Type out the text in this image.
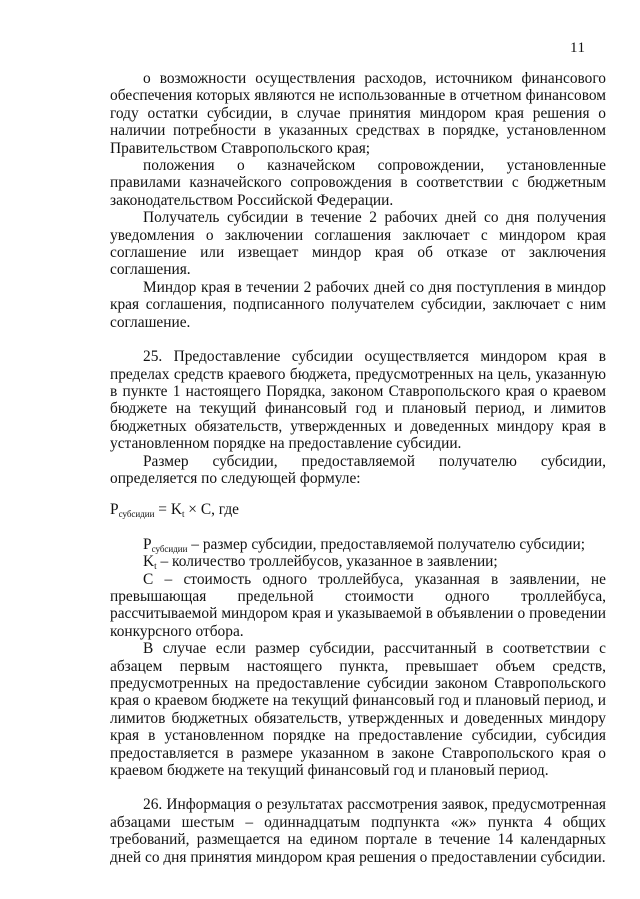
11

о возможности осуществления расходов, источником финансового обеспечения которых являются не использованные в отчетном финансовом году остатки субсидии, в случае принятия миндором края решения о наличии потребности в указанных средствах в порядке, установленном Правительством Ставропольского края;

положения о казначейском сопровождении, установленные правилами казначейского сопровождения в соответствии с бюджетным законодательством Российской Федерации.

Получатель субсидии в течение 2 рабочих дней со дня получения уведомления о заключении соглашения заключает с миндором края соглашение или извещает миндор края об отказе от заключения соглашения.

Миндор края в течении 2 рабочих дней со дня поступления в миндор края соглашения, подписанного получателем субсидии, заключает с ним соглашение.

25. Предоставление субсидии осуществляется миндором края в пределах средств краевого бюджета, предусмотренных на цель, указанную в пункте 1 настоящего Порядка, законом Ставропольского края о краевом бюджете на текущий финансовый год и плановый период, и лимитов бюджетных обязательств, утвержденных и доведенных миндору края в установленном порядке на предоставление субсидии.

Размер субсидии, предоставляемой получателю субсидии, определяется по следующей формуле:

$P_{субсидии} = K_t \times C$, где

$P_{субсидии}$ – размер субсидии, предоставляемой получателю субсидии;

$K_t$ – количество троллейбусов, указанное в заявлении;

С – стоимость одного троллейбуса, указанная в заявлении, не превышающая предельной стоимости одного троллейбуса, рассчитываемой миндором края и указываемой в объявлении о проведении конкурсного отбора.

В случае если размер субсидии, рассчитанный в соответствии с абзацем первым настоящего пункта, превышает объем средств, предусмотренных на предоставление субсидии законом Ставропольского края о краевом бюджете на текущий финансовый год и плановый период, и лимитов бюджетных обязательств, утвержденных и доведенных миндору края в установленном порядке на предоставление субсидии, субсидия предоставляется в размере указанном в законе Ставропольского края о краевом бюджете на текущий финансовый год и плановый период.

26. Информация о результатах рассмотрения заявок, предусмотренная абзацами шестым – одиннадцатым подпункта «ж» пункта 4 общих требований, размещается на едином портале в течение 14 календарных дней со дня принятия миндором края решения о предоставлении субсидии.
